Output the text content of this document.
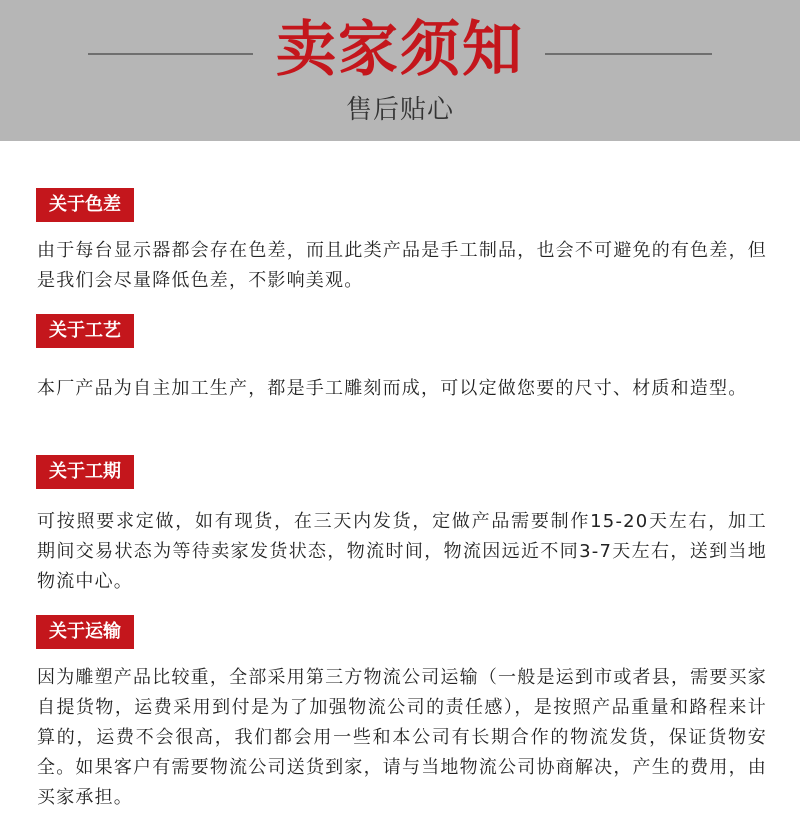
卖家须知
售后贴心
关于色差
由于每台显示器都会存在色差，而且此类产品是手工制品，也会不可避免的有色差，但是我们会尽量降低色差，不影响美观。
关于工艺
本厂产品为自主加工生产，都是手工雕刻而成，可以定做您要的尺寸、材质和造型。
关于工期
可按照要求定做，如有现货，在三天内发货，定做产品需要制作15-20天左右，加工期间交易状态为等待卖家发货状态，物流时间，物流因远近不同3-7天左右，送到当地物流中心。
关于运输
因为雕塑产品比较重，全部采用第三方物流公司运输（一般是运到市或者县，需要买家自提货物，运费采用到付是为了加强物流公司的责任感），是按照产品重量和路程来计算的，运费不会很高，我们都会用一些和本公司有长期合作的物流发货，保证货物安全。如果客户有需要物流公司送货到家，请与当地物流公司协商解决，产生的费用，由买家承担。
